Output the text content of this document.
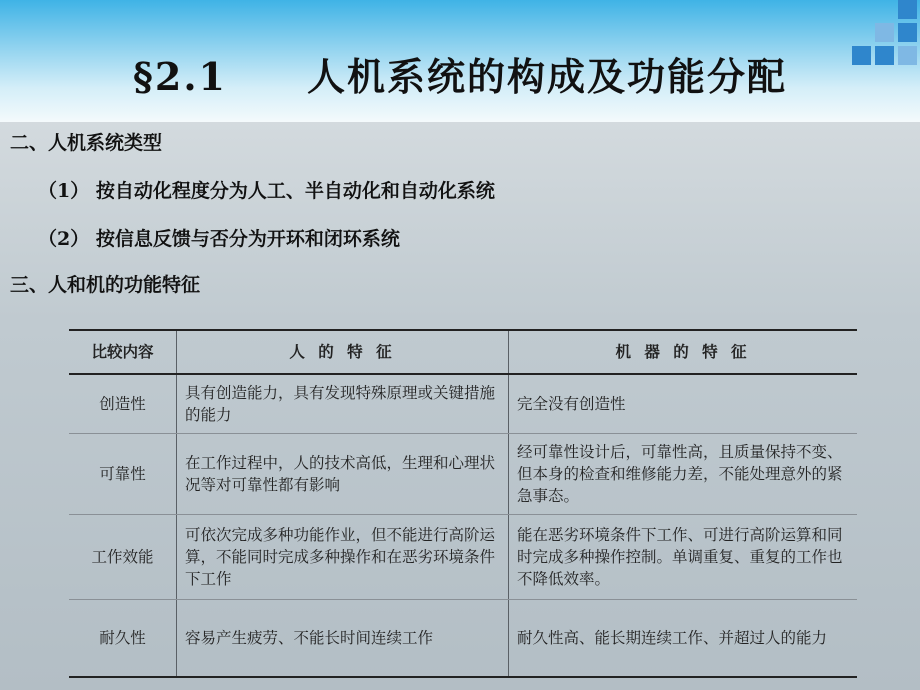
§2.1　　人机系统的构成及功能分配
二、人机系统类型
（1） 按自动化程度分为人工、半自动化和自动化系统
（2） 按信息反馈与否分为开环和闭环系统
三、人和机的功能特征
比较内容	人 的 特 征	机 器 的 特 征
创造性	具有创造能力，具有发现特殊原理或关键措施的能力	完全没有创造性
可靠性	在工作过程中，人的技术高低，生理和心理状况等对可靠性都有影响	经可靠性设计后，可靠性高，且质量保持不变、但本身的检查和维修能力差，不能处理意外的紧急事态。
工作效能	可依次完成多种功能作业，但不能进行高阶运算，不能同时完成多种操作和在恶劣环境条件下工作	能在恶劣环境条件下工作、可进行高阶运算和同时完成多种操作控制。单调重复、重复的工作也不降低效率。
耐久性	容易产生疲劳、不能长时间连续工作	耐久性高、能长期连续工作、并超过人的能力
